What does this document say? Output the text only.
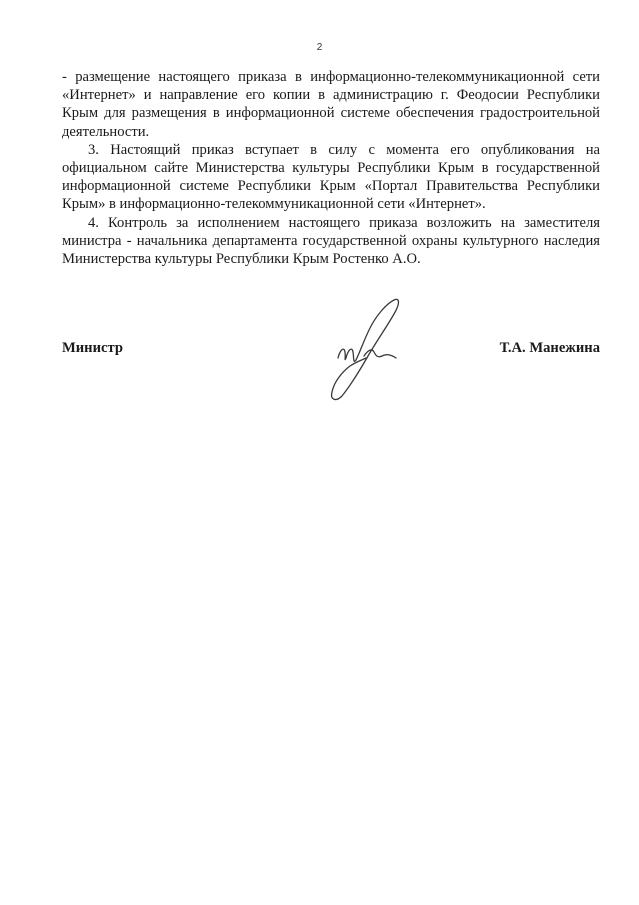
2

- размещение настоящего приказа в информационно-телекоммуникационной сети «Интернет» и направление его копии в администрацию г. Феодосии Республики Крым для размещения в информационной системе обеспечения градостроительной деятельности.

3. Настоящий приказ вступает в силу с момента его опубликования на официальном сайте Министерства культуры Республики Крым в государственной информационной системе Республики Крым «Портал Правительства Республики Крым» в информационно-телекоммуникационной сети «Интернет».

4. Контроль за исполнением настоящего приказа возложить на заместителя министра - начальника департамента государственной охраны культурного наследия Министерства культуры Республики Крым Ростенко А.О.

Министр	Т.А. Манежина
